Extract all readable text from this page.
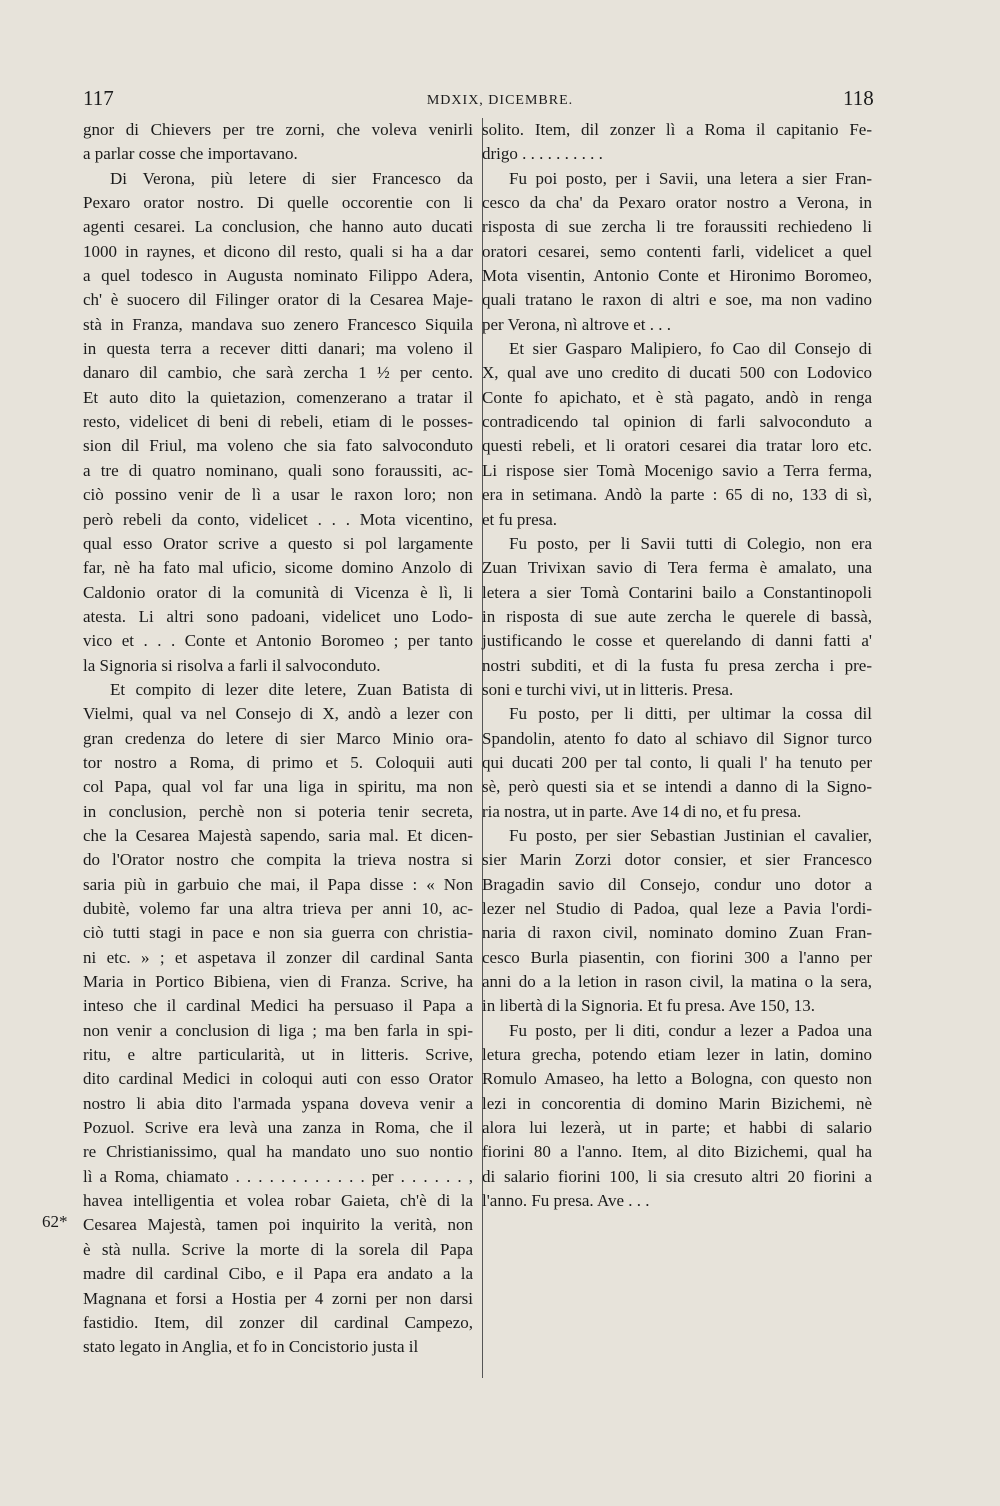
117	MDXIX, DICEMBRE.	118
62*
gnor di Chievers per tre zorni, che voleva venirli
a parlar cosse che importavano.
Di Verona, più letere di sier Francesco da
Pexaro orator nostro. Di quelle occorentie con li
agenti cesarei. La conclusion, che hanno auto ducati
1000 in raynes, et dicono dil resto, quali si ha a dar
a quel todesco in Augusta nominato Filippo Adera,
ch' è suocero dil Filinger orator di la Cesarea Maje-
stà in Franza, mandava suo zenero Francesco Siquila
in questa terra a recever ditti danari; ma voleno il
danaro dil cambio, che sarà zercha 1 ½ per cento.
Et auto dito la quietazion, comenzerano a tratar il
resto, videlicet di beni di rebeli, etiam di le posses-
sion dil Friul, ma voleno che sia fato salvoconduto
a tre di quatro nominano, quali sono foraussiti, ac-
ciò possino venir de lì a usar le raxon loro; non
però rebeli da conto, videlicet . . . Mota vicentino,
qual esso Orator scrive a questo si pol largamente
far, nè ha fato mal uficio, sicome domino Anzolo di
Caldonio orator di la comunità di Vicenza è lì, li
atesta. Li altri sono padoani, videlicet uno Lodo-
vico et . . . Conte et Antonio Boromeo ; per tanto
la Signoria si risolva a farli il salvoconduto.
Et compito di lezer dite letere, Zuan Batista di
Vielmi, qual va nel Consejo di X, andò a lezer con
gran credenza do letere di sier Marco Minio ora-
tor nostro a Roma, di primo et 5. Coloquii auti
col Papa, qual vol far una liga in spiritu, ma non
in conclusion, perchè non si poteria tenir secreta,
che la Cesarea Majestà sapendo, saria mal. Et dicen-
do l'Orator nostro che compita la trieva nostra si
saria più in garbuio che mai, il Papa disse : « Non
dubitè, volemo far una altra trieva per anni 10, ac-
ciò tutti stagi in pace e non sia guerra con christia-
ni etc. » ; et aspetava il zonzer dil cardinal Santa
Maria in Portico Bibiena, vien di Franza. Scrive, ha
inteso che il cardinal Medici ha persuaso il Papa a
non venir a conclusion di liga ; ma ben farla in spi-
ritu, e altre particularità, ut in litteris. Scrive,
dito cardinal Medici in coloqui auti con esso Orator
nostro li abia dito l'armada yspana doveva venir a
Pozuol. Scrive era levà una zanza in Roma, che il
re Christianissimo, qual ha mandato uno suo nontio
lì a Roma, chiamato . . . . . . . . . . . . per . . . . . . ,
havea intelligentia et volea robar Gaieta, ch'è di la
Cesarea Majestà, tamen poi inquirito la verità, non
è stà nulla. Scrive la morte di la sorela dil Papa
madre dil cardinal Cibo, e il Papa era andato a la
Magnana et forsi a Hostia per 4 zorni per non darsi
fastidio. Item, dil zonzer dil cardinal Campezo,
stato legato in Anglia, et fo in Concistorio justa il
solito. Item, dil zonzer lì a Roma il capitanio Fe-
drigo . . . . . . . . . .
Fu poi posto, per i Savii, una letera a sier Fran-
cesco da cha' da Pexaro orator nostro a Verona, in
risposta di sue zercha li tre foraussiti rechiedeno li
oratori cesarei, semo contenti farli, videlicet a quel
Mota visentin, Antonio Conte et Hironimo Boromeo,
quali tratano le raxon di altri e soe, ma non vadino
per Verona, nì altrove et . . .
Et sier Gasparo Malipiero, fo Cao dil Consejo di
X, qual ave uno credito di ducati 500 con Lodovico
Conte fo apichato, et è stà pagato, andò in renga
contradicendo tal opinion di farli salvoconduto a
questi rebeli, et li oratori cesarei dia tratar loro etc.
Li rispose sier Tomà Mocenigo savio a Terra ferma,
era in setimana. Andò la parte : 65 di no, 133 di sì,
et fu presa.
Fu posto, per li Savii tutti di Colegio, non era
Zuan Trivixan savio di Tera ferma è amalato, una
letera a sier Tomà Contarini bailo a Constantinopoli
in risposta di sue aute zercha le querele di bassà,
justificando le cosse et querelando di danni fatti a'
nostri subditi, et di la fusta fu presa zercha i pre-
soni e turchi vivi, ut in litteris. Presa.
Fu posto, per li ditti, per ultimar la cossa dil
Spandolin, atento fo dato al schiavo dil Signor turco
qui ducati 200 per tal conto, li quali l' ha tenuto per
sè, però questi sia et se intendi a danno di la Signo-
ria nostra, ut in parte. Ave 14 di no, et fu presa.
Fu posto, per sier Sebastian Justinian el cavalier,
sier Marin Zorzi dotor consier, et sier Francesco
Bragadin savio dil Consejo, condur uno dotor a
lezer nel Studio di Padoa, qual leze a Pavia l'ordi-
naria di raxon civil, nominato domino Zuan Fran-
cesco Burla piasentin, con fiorini 300 a l'anno per
anni do a la letion in rason civil, la matina o la sera,
in libertà di la Signoria. Et fu presa. Ave 150, 13.
Fu posto, per li diti, condur a lezer a Padoa una
letura grecha, potendo etiam lezer in latin, domino
Romulo Amaseo, ha letto a Bologna, con questo non
lezi in concorentia di domino Marin Bizichemi, nè
alora lui lezerà, ut in parte; et habbi di salario
fiorini 80 a l'anno. Item, al dito Bizichemi, qual ha
di salario fiorini 100, li sia cresuto altri 20 fiorini a
l'anno. Fu presa. Ave . . .
